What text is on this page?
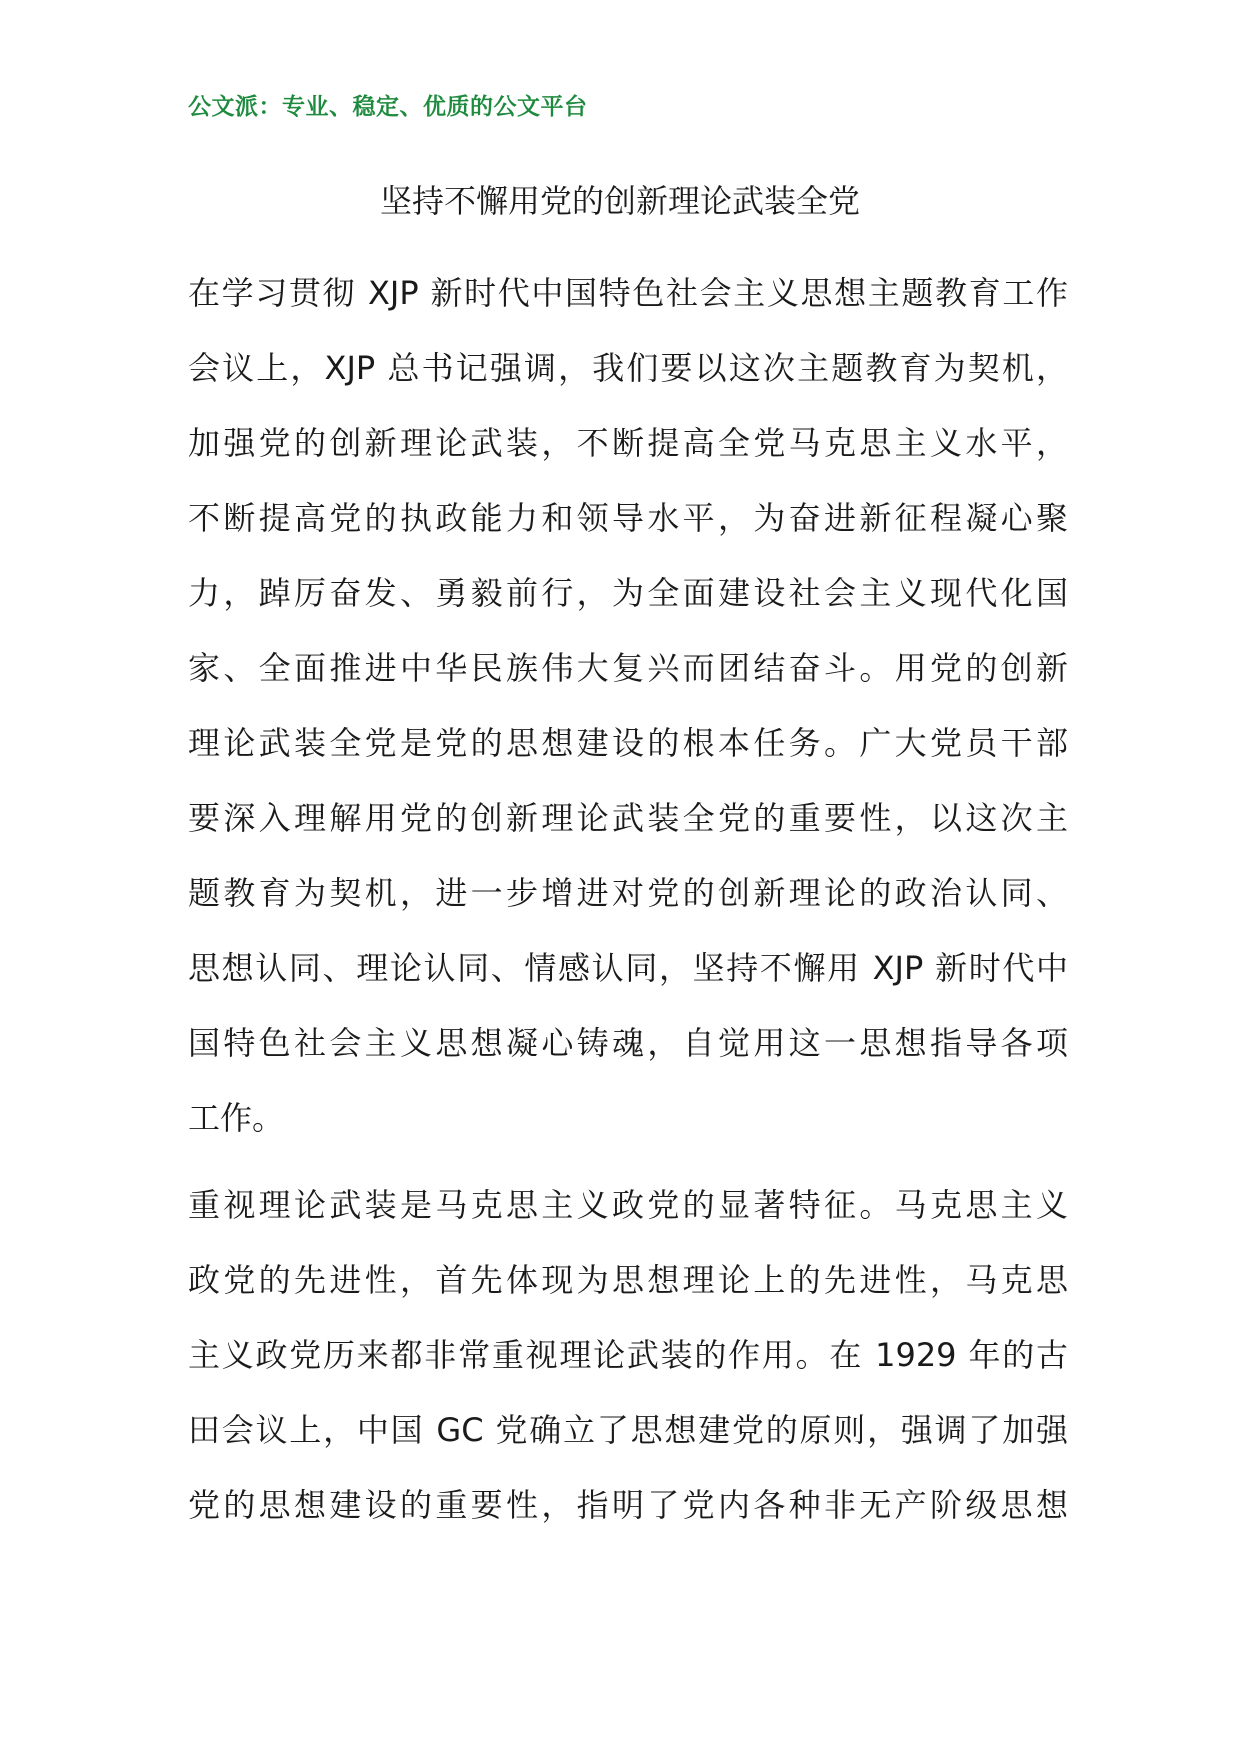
公文派：专业、稳定、优质的公文平台
坚持不懈用党的创新理论武装全党
在学习贯彻 XJP 新时代中国特色社会主义思想主题教育工作
会议上，XJP 总书记强调，我们要以这次主题教育为契机，
加强党的创新理论武装，不断提高全党马克思主义水平，
不断提高党的执政能力和领导水平，为奋进新征程凝心聚
力，踔厉奋发、勇毅前行，为全面建设社会主义现代化国
家、全面推进中华民族伟大复兴而团结奋斗。用党的创新
理论武装全党是党的思想建设的根本任务。广大党员干部
要深入理解用党的创新理论武装全党的重要性，以这次主
题教育为契机，进一步增进对党的创新理论的政治认同、
思想认同、理论认同、情感认同，坚持不懈用 XJP 新时代中
国特色社会主义思想凝心铸魂，自觉用这一思想指导各项
工作。
重视理论武装是马克思主义政党的显著特征。马克思主义
政党的先进性，首先体现为思想理论上的先进性，马克思
主义政党历来都非常重视理论武装的作用。在 1929 年的古
田会议上，中国 GC 党确立了思想建党的原则，强调了加强
党的思想建设的重要性，指明了党内各种非无产阶级思想
